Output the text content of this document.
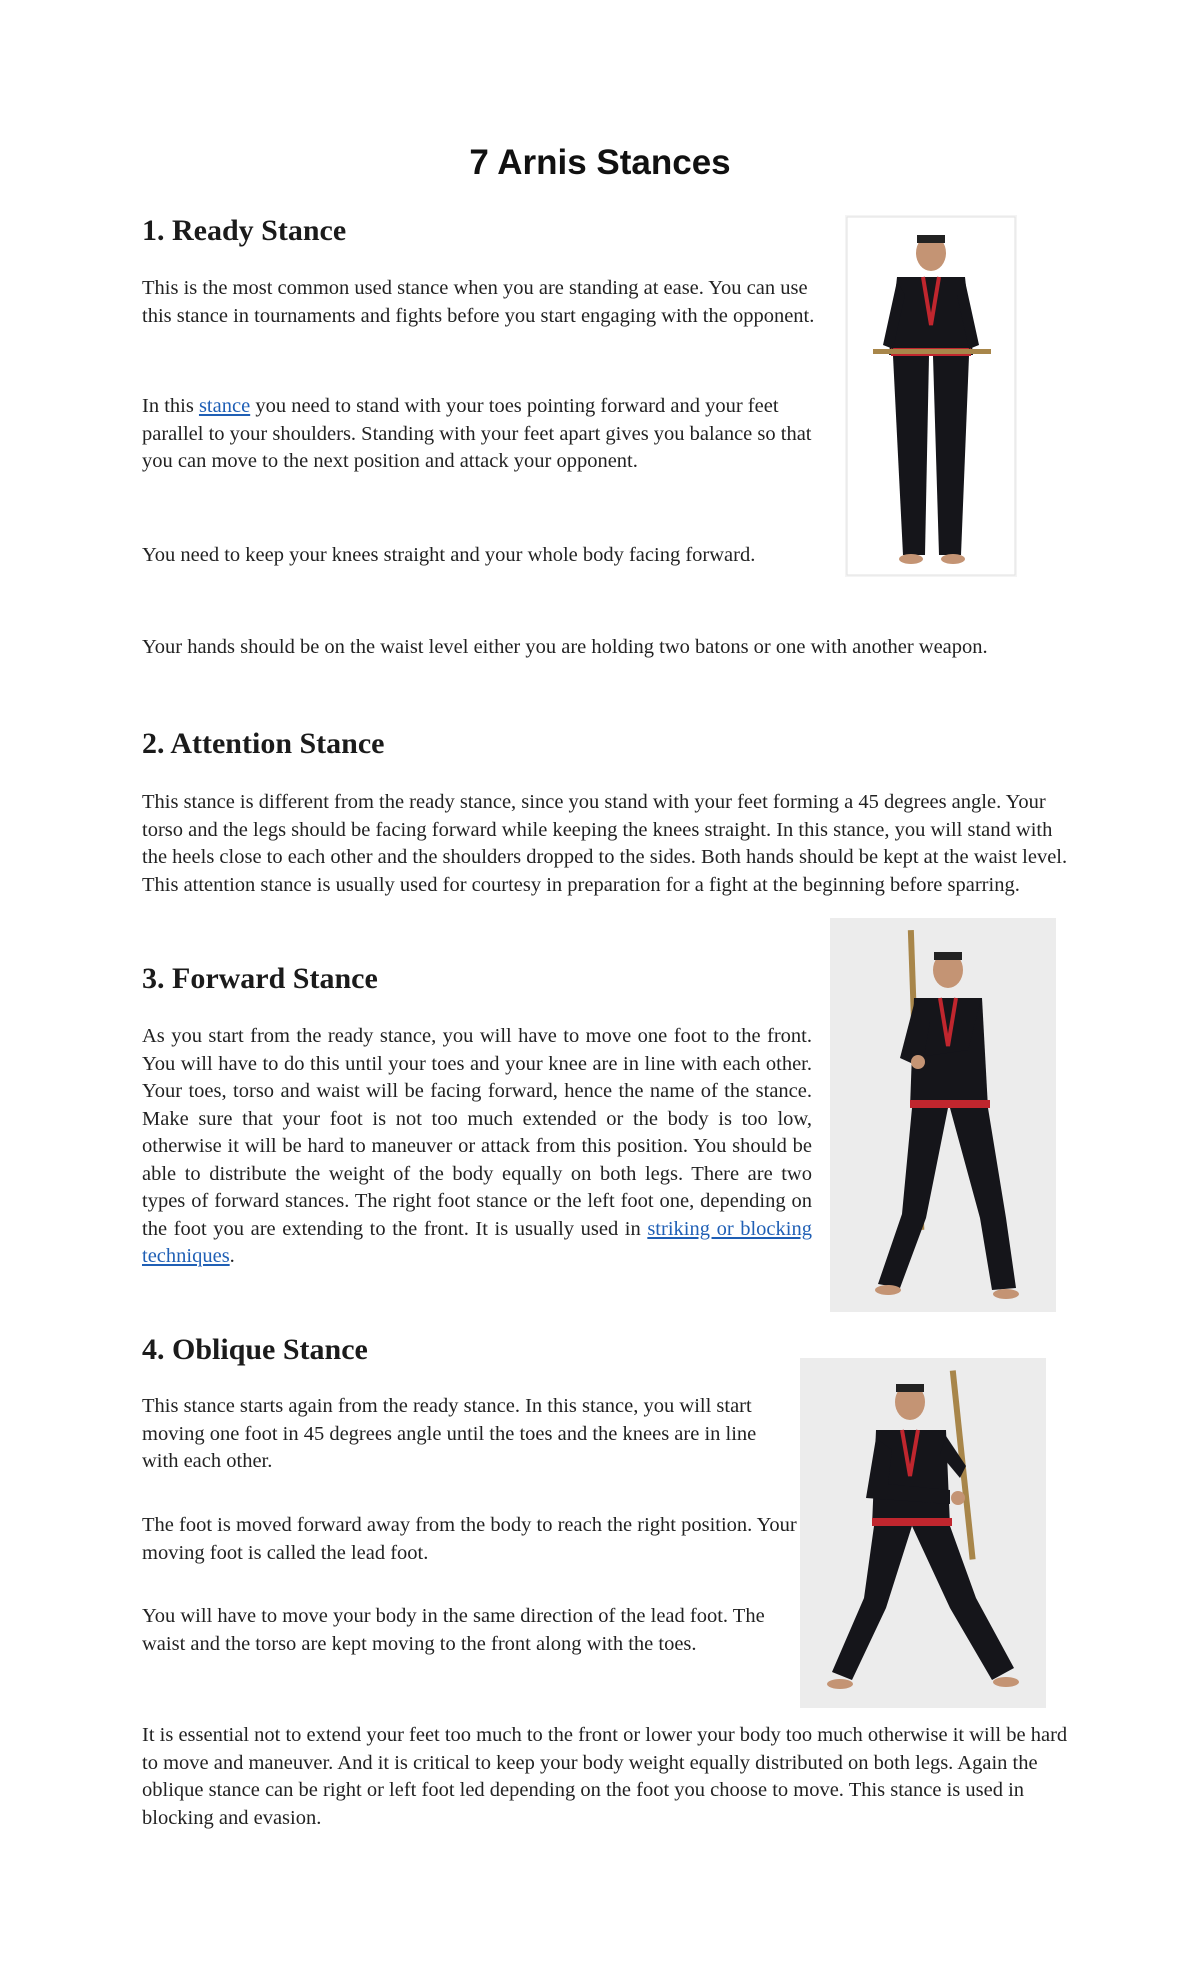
7 Arnis Stances
1. Ready Stance

This is the most common used stance when you are standing at ease. You can use this stance in tournaments and fights before you start engaging with the opponent.

In this stance you need to stand with your toes pointing forward and your feet parallel to your shoulders. Standing with your feet apart gives you balance so that you can move to the next position and attack your opponent.

You need to keep your knees straight and your whole body facing forward.

Your hands should be on the waist level either you are holding two batons or one with another weapon.

2. Attention Stance

This stance is different from the ready stance, since you stand with your feet forming a 45 degrees angle. Your torso and the legs should be facing forward while keeping the knees straight. In this stance, you will stand with the heels close to each other and the shoulders dropped to the sides. Both hands should be kept at the waist level. This attention stance is usually used for courtesy in preparation for a fight at the beginning before sparring.

3. Forward Stance

As you start from the ready stance, you will have to move one foot to the front. You will have to do this until your toes and your knee are in line with each other. Your toes, torso and waist will be facing forward, hence the name of the stance. Make sure that your foot is not too much extended or the body is too low, otherwise it will be hard to maneuver or attack from this position. You should be able to distribute the weight of the body equally on both legs. There are two types of forward stances. The right foot stance or the left foot one, depending on the foot you are extending to the front. It is usually used in striking or blocking techniques.

4. Oblique Stance

This stance starts again from the ready stance. In this stance, you will start moving one foot in 45 degrees angle until the toes and the knees are in line with each other.

The foot is moved forward away from the body to reach the right position. Your moving foot is called the lead foot.

You will have to move your body in the same direction of the lead foot. The waist and the torso are kept moving to the front along with the toes.

It is essential not to extend your feet too much to the front or lower your body too much otherwise it will be hard to move and maneuver. And it is critical to keep your body weight equally distributed on both legs. Again the oblique stance can be right or left foot led depending on the foot you choose to move. This stance is used in blocking and evasion.
